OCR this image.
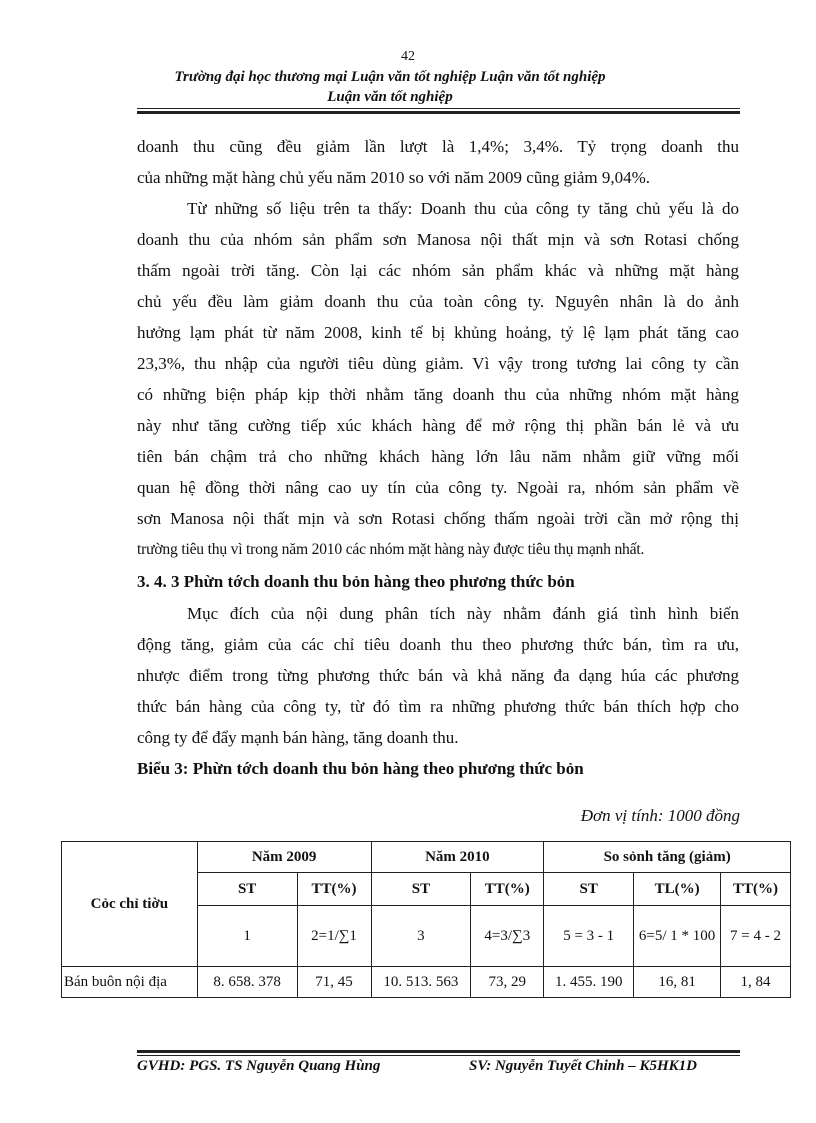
42
Trường đại học thương mại Luận văn tốt nghiệp Luận văn tốt nghiệp
Luận văn tốt nghiệp
doanh thu cũng đều giảm lần lượt là 1,4%; 3,4%. Tỷ trọng doanh thu
của những mặt hàng chủ yếu năm 2010 so với năm 2009 cũng giảm 9,04%.
Từ những số liệu trên ta thấy: Doanh thu của công ty tăng chủ yếu là do
doanh thu của nhóm sản phẩm sơn Manosa nội thất mịn và sơn Rotasi chống
thấm ngoài trời tăng. Còn lại các nhóm sản phẩm khác và những mặt hàng
chủ yếu đều làm giảm doanh thu của toàn công ty. Nguyên nhân là do ảnh
hưởng lạm phát từ năm 2008, kinh tế bị khủng hoảng, tỷ lệ lạm phát tăng cao
23,3%, thu nhập của người tiêu dùng giảm. Vì vậy trong tương lai công ty cần
có những biện pháp kịp thời nhằm tăng doanh thu của những nhóm mặt hàng
này như tăng cường tiếp xúc khách hàng để mở rộng thị phần bán lẻ và ưu
tiên bán chậm trả cho những khách hàng lớn lâu năm nhằm giữ vững mối
quan hệ đồng thời nâng cao uy tín của công ty. Ngoài ra, nhóm sản phẩm về
sơn Manosa nội thất mịn và sơn Rotasi chống thấm ngoài trời cần mở rộng thị
trường tiêu thụ vì trong năm 2010 các nhóm mặt hàng này được tiêu thụ mạnh nhất.
3. 4. 3 Phừn tớch doanh thu bỏn hàng theo phương thức bỏn
Mục đích của nội dung phân tích này nhằm đánh giá tình hình biến
động tăng, giảm của các chỉ tiêu doanh thu theo phương thức bán, tìm ra ưu,
nhược điểm trong từng phương thức bán và khả năng đa dạng húa các phương
thức bán hàng của công ty, từ đó tìm ra những phương thức bán thích hợp cho
công ty để đẩy mạnh bán hàng, tăng doanh thu.
Biểu 3: Phừn tớch doanh thu bỏn hàng theo phương thức bỏn
Đơn vị tính: 1000 đồng
Cỏc chỉ tiờu	Năm 2009		Năm 2010		So sỏnh tăng (giảm)		
	ST	TT(%)	ST	TT(%)	ST	TL(%)	TT(%)
	1	2=1/∑1	3	4=3/∑3	5 = 3 - 1	6=5/ 1 * 100	7 = 4 - 2
Bán buôn nội địa	8. 658. 378	71, 45	10. 513. 563	73, 29	1. 455. 190	16, 81	1, 84
GVHD: PGS. TS Nguyễn Quang Hùng	SV: Nguyễn Tuyết Chinh – K5HK1D
